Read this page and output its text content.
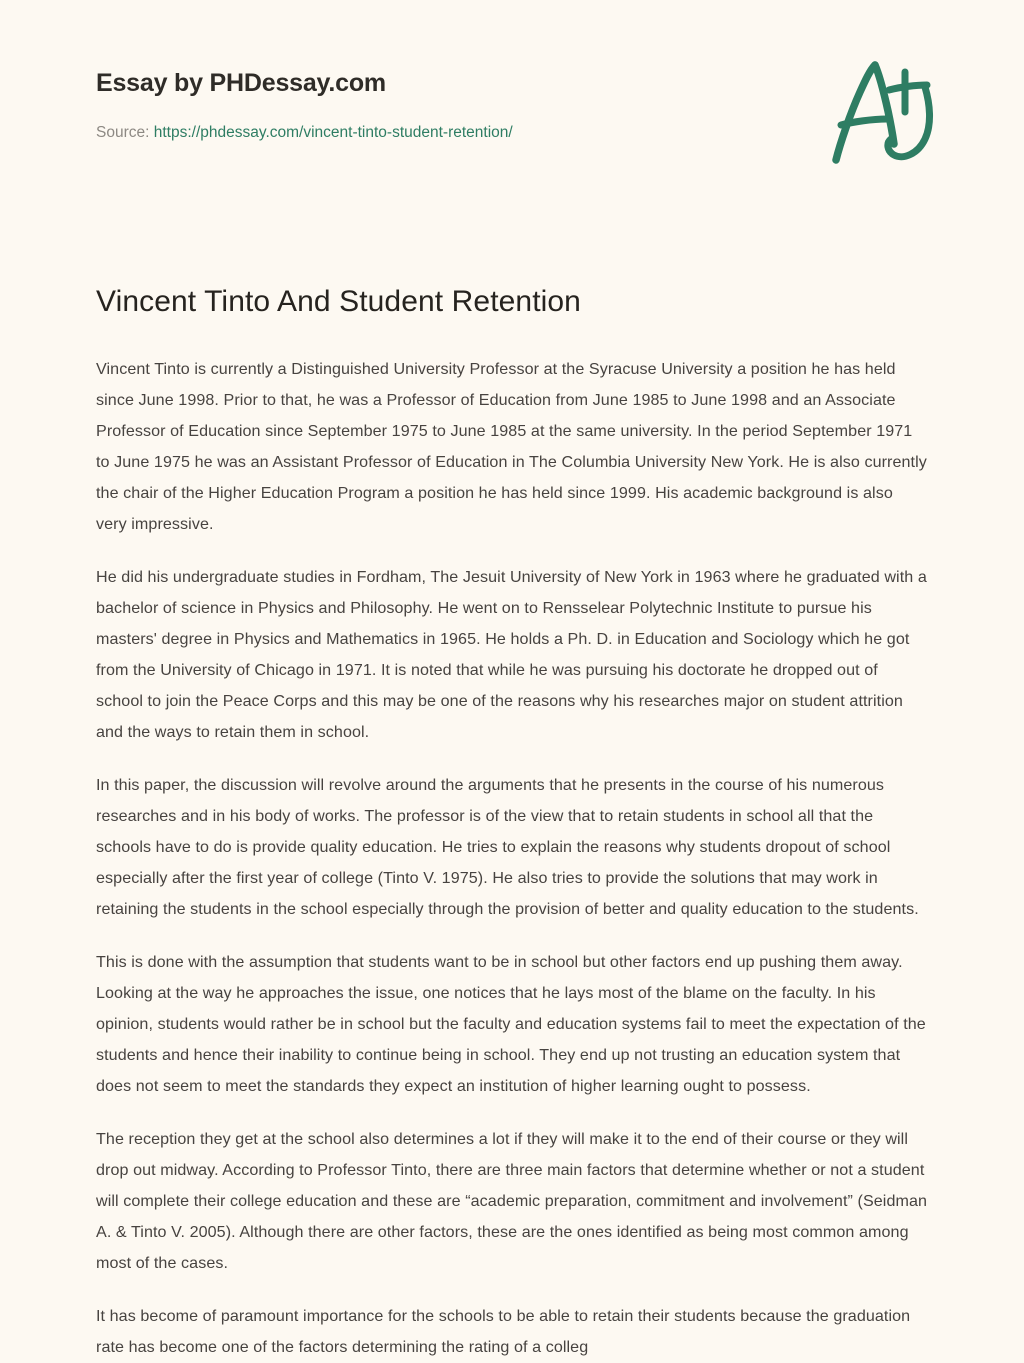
Essay by PHDessay.com
Source: https://phdessay.com/vincent-tinto-student-retention/
Vincent Tinto And Student Retention

Vincent Tinto is currently a Distinguished University Professor at the Syracuse University a position he has held since June 1998. Prior to that, he was a Professor of Education from June 1985 to June 1998 and an Associate Professor of Education since September 1975 to June 1985 at the same university. In the period September 1971 to June 1975 he was an Assistant Professor of Education in The Columbia University New York. He is also currently the chair of the Higher Education Program a position he has held since 1999. His academic background is also very impressive.

He did his undergraduate studies in Fordham, The Jesuit University of New York in 1963 where he graduated with a bachelor of science in Physics and Philosophy. He went on to Rensselear Polytechnic Institute to pursue his masters' degree in Physics and Mathematics in 1965. He holds a Ph. D. in Education and Sociology which he got from the University of Chicago in 1971. It is noted that while he was pursuing his doctorate he dropped out of school to join the Peace Corps and this may be one of the reasons why his researches major on student attrition and the ways to retain them in school.

In this paper, the discussion will revolve around the arguments that he presents in the course of his numerous researches and in his body of works. The professor is of the view that to retain students in school all that the schools have to do is provide quality education. He tries to explain the reasons why students dropout of school especially after the first year of college (Tinto V. 1975). He also tries to provide the solutions that may work in retaining the students in the school especially through the provision of better and quality education to the students.

This is done with the assumption that students want to be in school but other factors end up pushing them away. Looking at the way he approaches the issue, one notices that he lays most of the blame on the faculty. In his opinion, students would rather be in school but the faculty and education systems fail to meet the expectation of the students and hence their inability to continue being in school. They end up not trusting an education system that does not seem to meet the standards they expect an institution of higher learning ought to possess.

The reception they get at the school also determines a lot if they will make it to the end of their course or they will drop out midway. According to Professor Tinto, there are three main factors that determine whether or not a student will complete their college education and these are “academic preparation, commitment and involvement” (Seidman A. & Tinto V. 2005). Although there are other factors, these are the ones identified as being most common among most of the cases.

It has become of paramount importance for the schools to be able to retain their students because the graduation rate has become one of the factors determining the rating of a colleg
